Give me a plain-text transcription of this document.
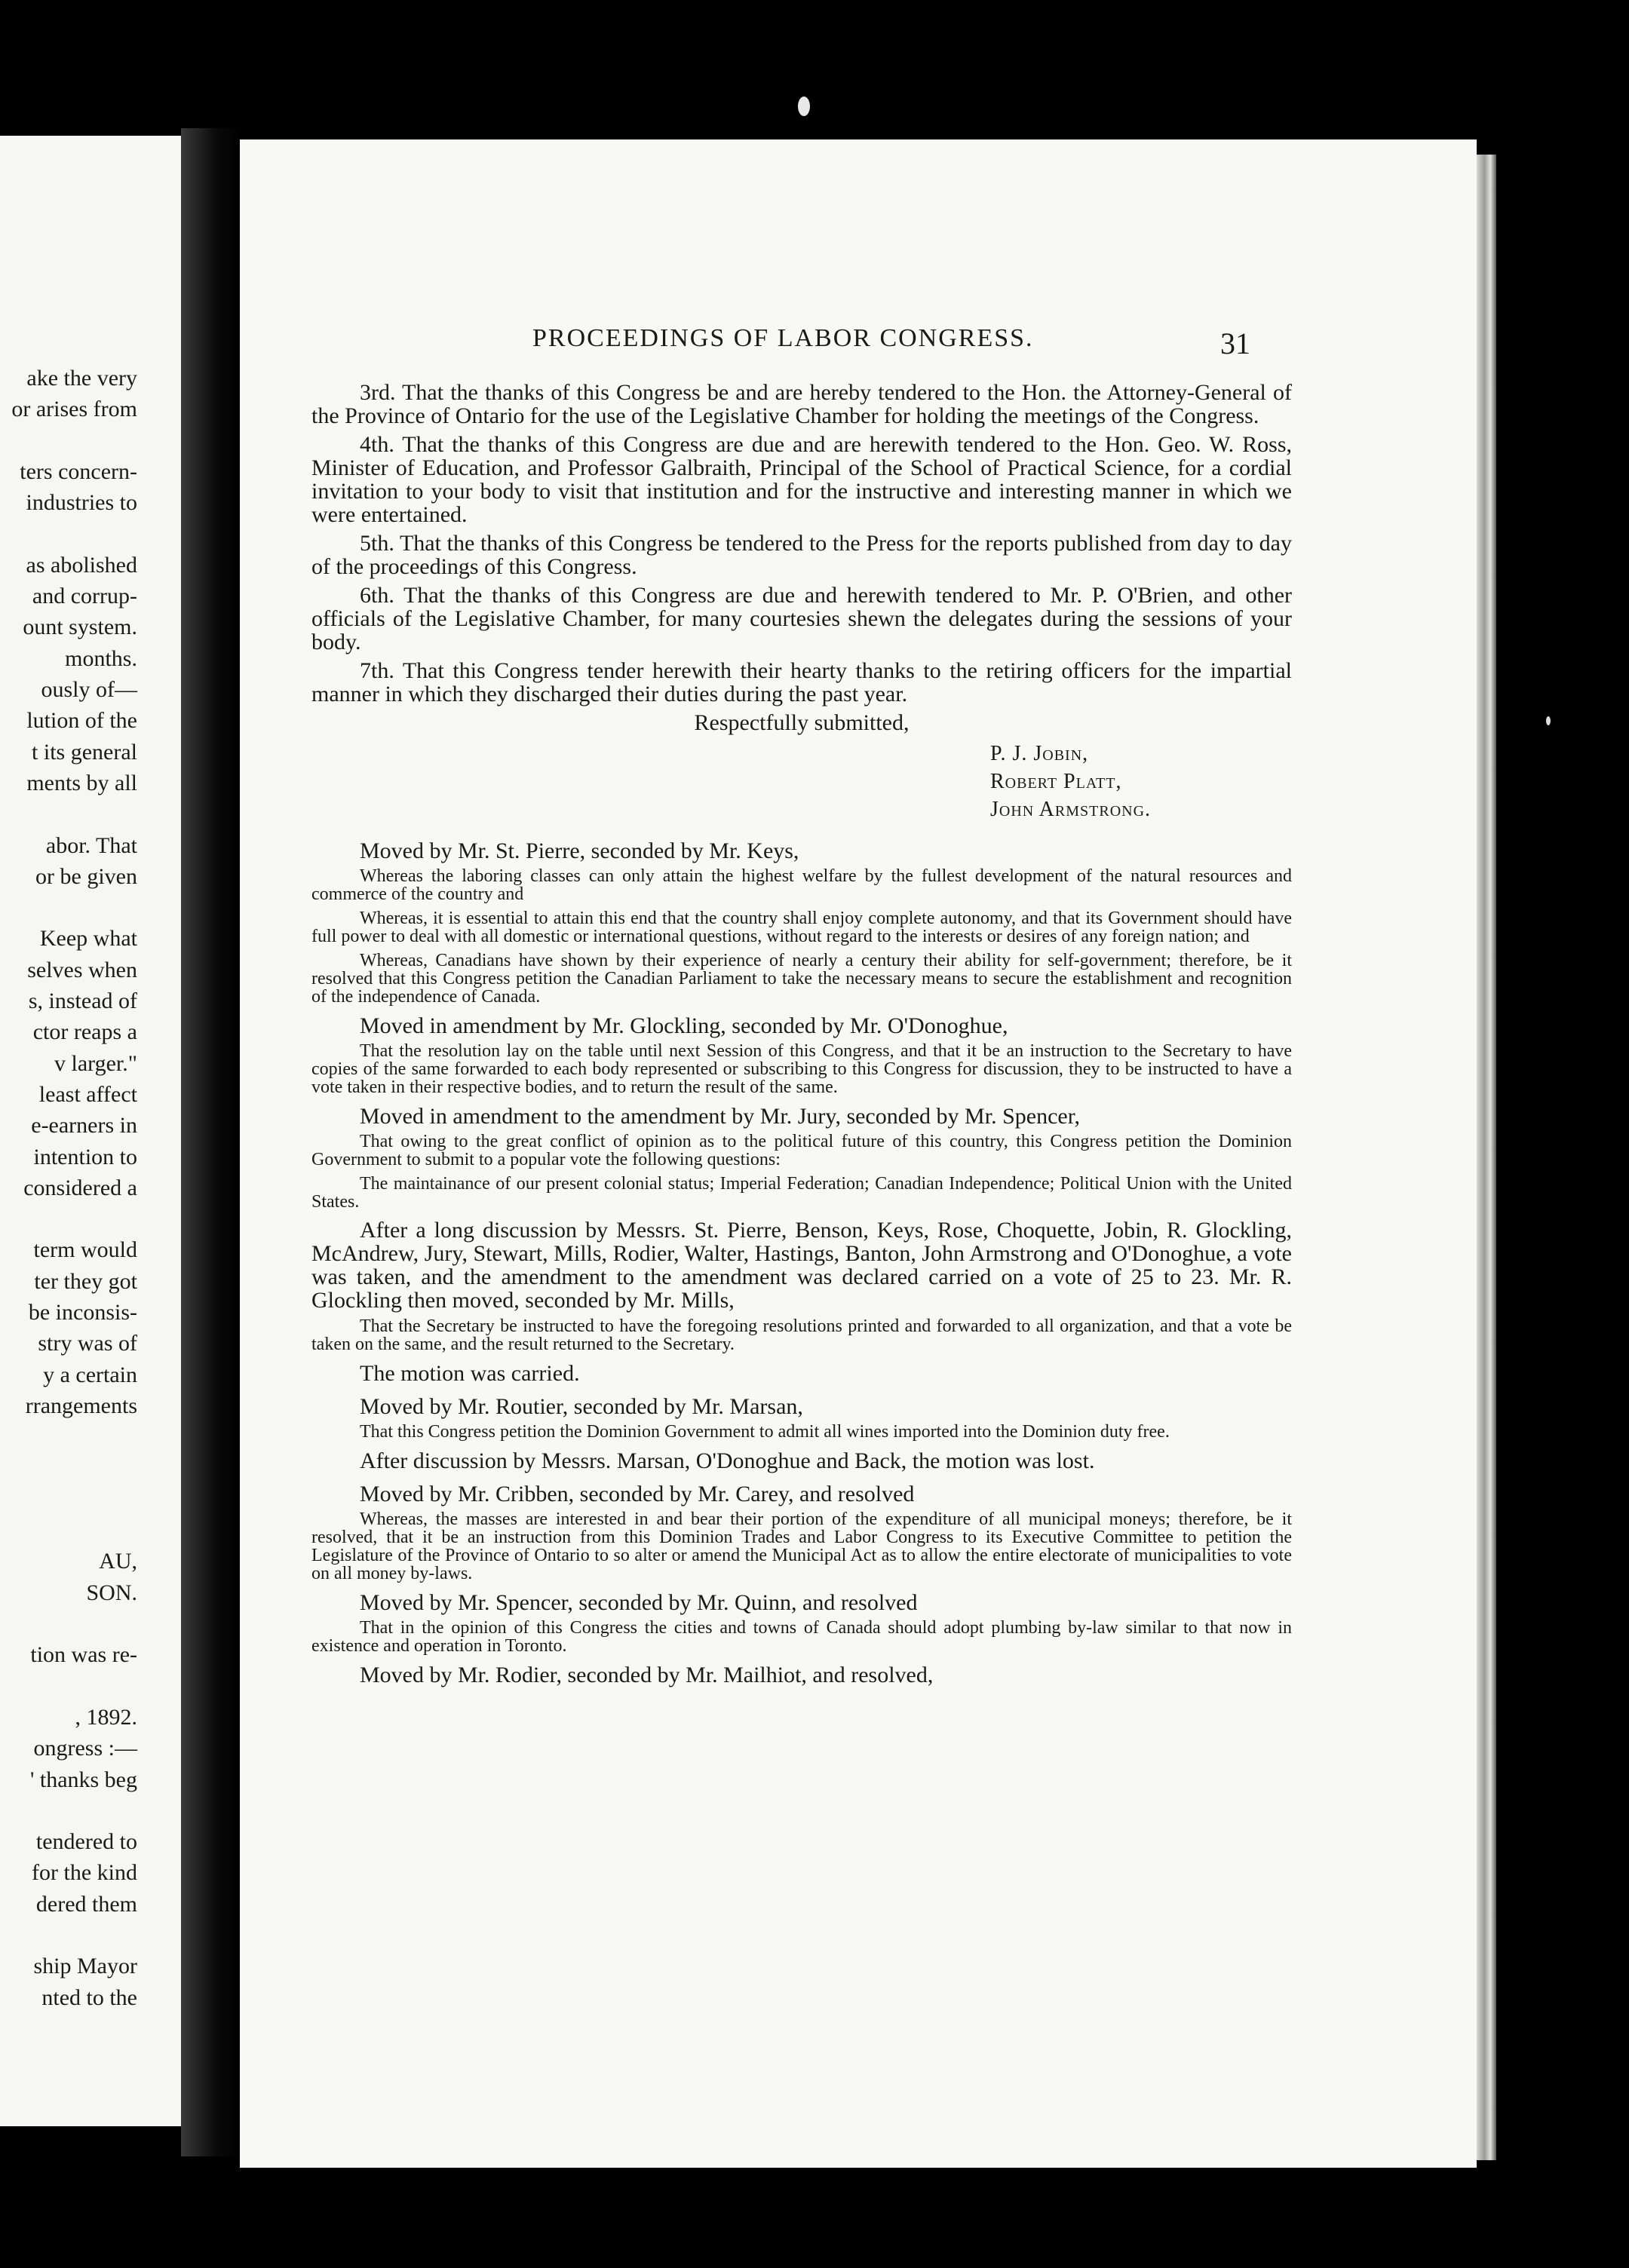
ake the very
or arises from
ters concern-
industries to
as abolished
and corrup-
ount system.
months.
ously of—
lution of the
t its general
ments by all
abor. That
or be given
Keep what
selves when
s, instead of
ctor reaps a
v larger."
least affect
e-earners in
intention to
considered a
term would
ter they got
be inconsis-
stry was of
y a certain
rrangements
AU,
SON.
tion was re-
, 1892.
ongress :—
' thanks beg
tendered to
for the kind
dered them
ship Mayor
nted to the
PROCEEDINGS OF LABOR CONGRESS.	31

3rd. That the thanks of this Congress be and are hereby tendered to the Hon. the Attorney-General of the Province of Ontario for the use of the Legislative Chamber for holding the meetings of the Congress.

4th. That the thanks of this Congress are due and are herewith tendered to the Hon. Geo. W. Ross, Minister of Education, and Professor Galbraith, Principal of the School of Practical Science, for a cordial invitation to your body to visit that institution and for the instructive and interesting manner in which we were entertained.

5th. That the thanks of this Congress be tendered to the Press for the reports published from day to day of the proceedings of this Congress.

6th. That the thanks of this Congress are due and herewith tendered to Mr. P. O'Brien, and other officials of the Legislative Chamber, for many courtesies shewn the delegates during the sessions of your body.

7th. That this Congress tender herewith their hearty thanks to the retiring officers for the impartial manner in which they discharged their duties during the past year.

Respectfully submitted,

P. J. Jobin,
Robert Platt,
John Armstrong.

Moved by Mr. St. Pierre, seconded by Mr. Keys,

Whereas the laboring classes can only attain the highest welfare by the fullest development of the natural resources and commerce of the country and

Whereas, it is essential to attain this end that the country shall enjoy complete autonomy, and that its Government should have full power to deal with all domestic or international questions, without regard to the interests or desires of any foreign nation; and

Whereas, Canadians have shown by their experience of nearly a century their ability for self-government; therefore, be it resolved that this Congress petition the Canadian Parliament to take the necessary means to secure the establishment and recognition of the independence of Canada.

Moved in amendment by Mr. Glockling, seconded by Mr. O'Donoghue,

That the resolution lay on the table until next Session of this Congress, and that it be an instruction to the Secretary to have copies of the same forwarded to each body represented or subscribing to this Congress for discussion, they to be instructed to have a vote taken in their respective bodies, and to return the result of the same.

Moved in amendment to the amendment by Mr. Jury, seconded by Mr. Spencer,

That owing to the great conflict of opinion as to the political future of this country, this Congress petition the Dominion Government to submit to a popular vote the following questions:

The maintainance of our present colonial status; Imperial Federation; Canadian Independence; Political Union with the United States.

After a long discussion by Messrs. St. Pierre, Benson, Keys, Rose, Choquette, Jobin, R. Glockling, McAndrew, Jury, Stewart, Mills, Rodier, Walter, Hastings, Banton, John Armstrong and O'Donoghue, a vote was taken, and the amendment to the amendment was declared carried on a vote of 25 to 23. Mr. R. Glockling then moved, seconded by Mr. Mills,

That the Secretary be instructed to have the foregoing resolutions printed and forwarded to all organization, and that a vote be taken on the same, and the result returned to the Secretary.

The motion was carried.

Moved by Mr. Routier, seconded by Mr. Marsan,

That this Congress petition the Dominion Government to admit all wines imported into the Dominion duty free.

After discussion by Messrs. Marsan, O'Donoghue and Back, the motion was lost.

Moved by Mr. Cribben, seconded by Mr. Carey, and resolved

Whereas, the masses are interested in and bear their portion of the expenditure of all municipal moneys; therefore, be it resolved, that it be an instruction from this Dominion Trades and Labor Congress to its Executive Committee to petition the Legislature of the Province of Ontario to so alter or amend the Municipal Act as to allow the entire electorate of municipalities to vote on all money by-laws.

Moved by Mr. Spencer, seconded by Mr. Quinn, and resolved

That in the opinion of this Congress the cities and towns of Canada should adopt plumbing by-law similar to that now in existence and operation in Toronto.

Moved by Mr. Rodier, seconded by Mr. Mailhiot, and resolved,
